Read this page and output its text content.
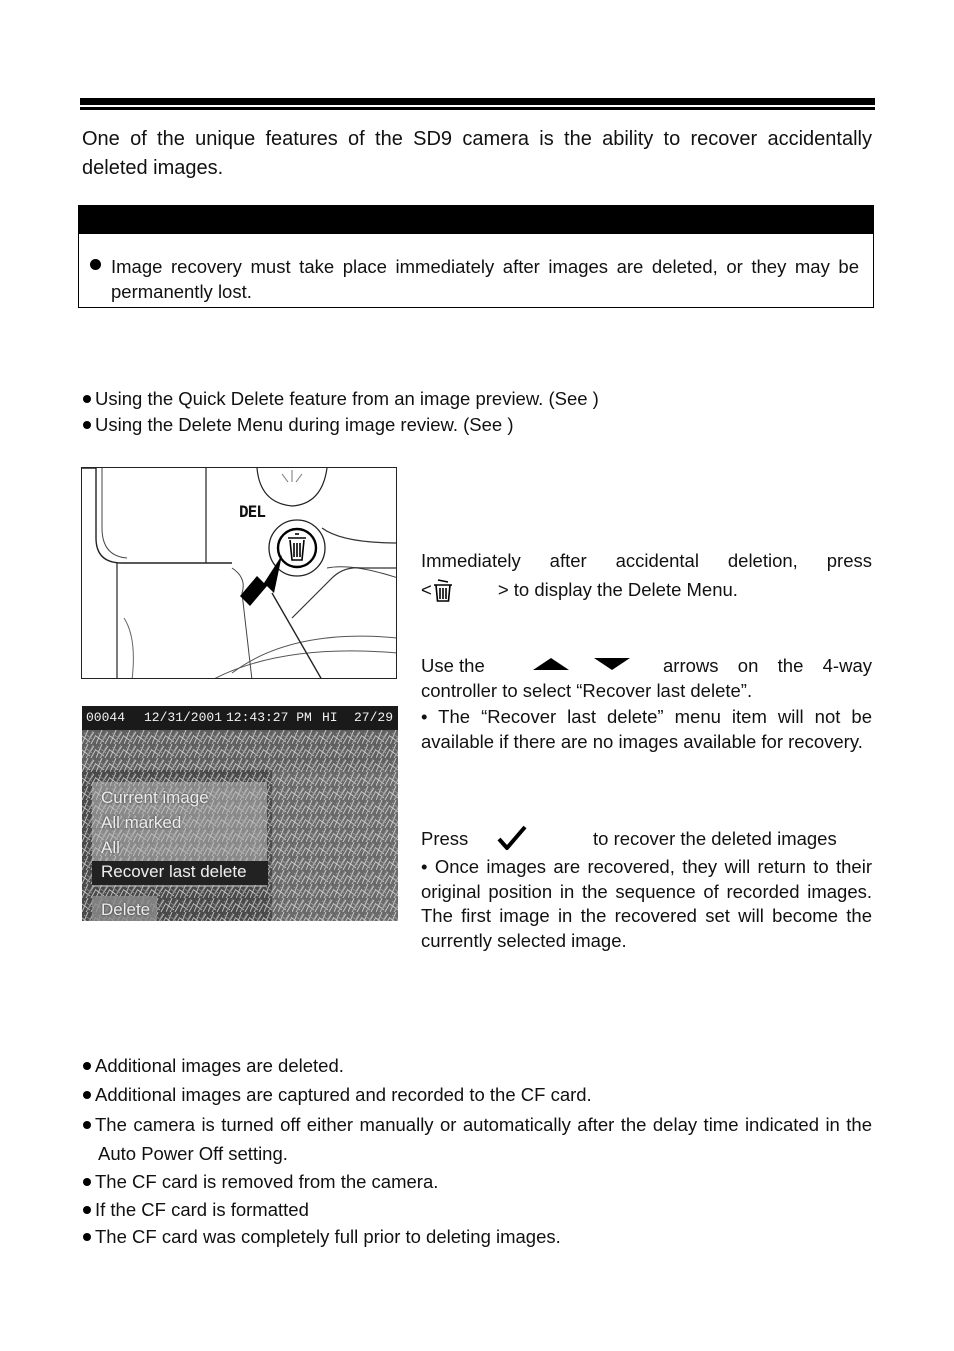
One of the unique features of the SD9 camera is the ability to recover accidentally deleted images.
Image recovery must take place immediately after images are deleted, or they may be permanently lost.
Using the Quick Delete feature from an image preview. (See )
Using the Delete Menu during image review. (See )
DEL
00044 12/31/2001 12:43:27 PM HI 27/29
Current image
All marked
All
Recover last delete
Delete
Immediately after accidental deletion, press
<	> to display the Delete Menu.
Use the	arrows on the 4-way
controller to select “Recover last delete”.
• The “Recover last delete” menu item will not be available if there are no images available for recovery.
Press	to recover the deleted images
• Once images are recovered, they will return to their original position in the sequence of recorded images. The first image in the recovered set will become the currently selected image.
Additional images are deleted.
Additional images are captured and recorded to the CF card.
The camera is turned off either manually or automatically after the delay time indicated in the Auto Power Off setting.
The CF card is removed from the camera.
If the CF card is formatted
The CF card was completely full prior to deleting images.
